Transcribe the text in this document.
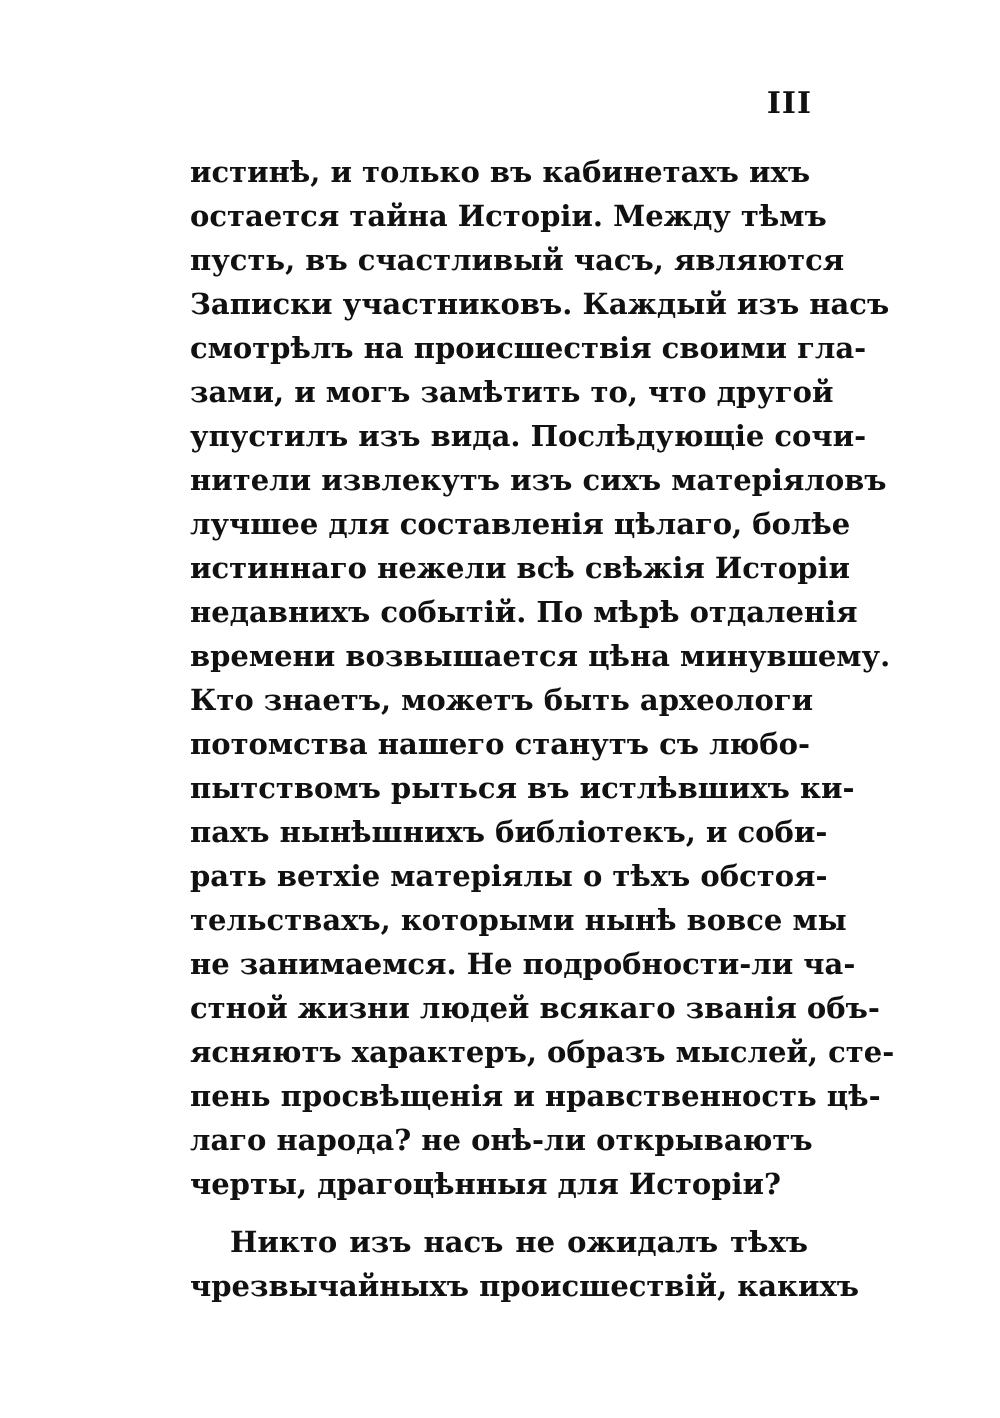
III
истинѣ, и только въ кабинетахъ ихъ
остается тайна Исторіи. Между тѣмъ
пусть, въ счастливый часъ, являются
Записки участниковъ. Каждый изъ насъ
смотрѣлъ на происшествія своими гла-
зами, и могъ замѣтить то, что другой
упустилъ изъ вида. Послѣдующіе сочи-
нители извлекутъ изъ сихъ матеріяловъ
лучшее для составленія цѣлаго, болѣе
истиннаго нежели всѣ свѣжія Исторіи
недавнихъ событій. По мѣрѣ отдаленія
времени возвышается цѣна минувшему.
Кто знаетъ, можетъ быть археологи
потомства нашего станутъ съ любо-
пытствомъ рыться въ истлѣвшихъ ки-
пахъ нынѣшнихъ библіотекъ, и соби-
рать ветхіе матеріялы о тѣхъ обстоя-
тельствахъ, которыми нынѣ вовсе мы
не занимаемся. Не подробности-ли ча-
стной жизни людей всякаго званія объ-
ясняютъ характеръ, образъ мыслей, сте-
пень просвѣщенія и нравственность цѣ-
лаго народа? не онѣ-ли открываютъ
черты, драгоцѣнныя для Исторіи?
Никто изъ насъ не ожидалъ тѣхъ
чрезвычайныхъ происшествій, какихъ
